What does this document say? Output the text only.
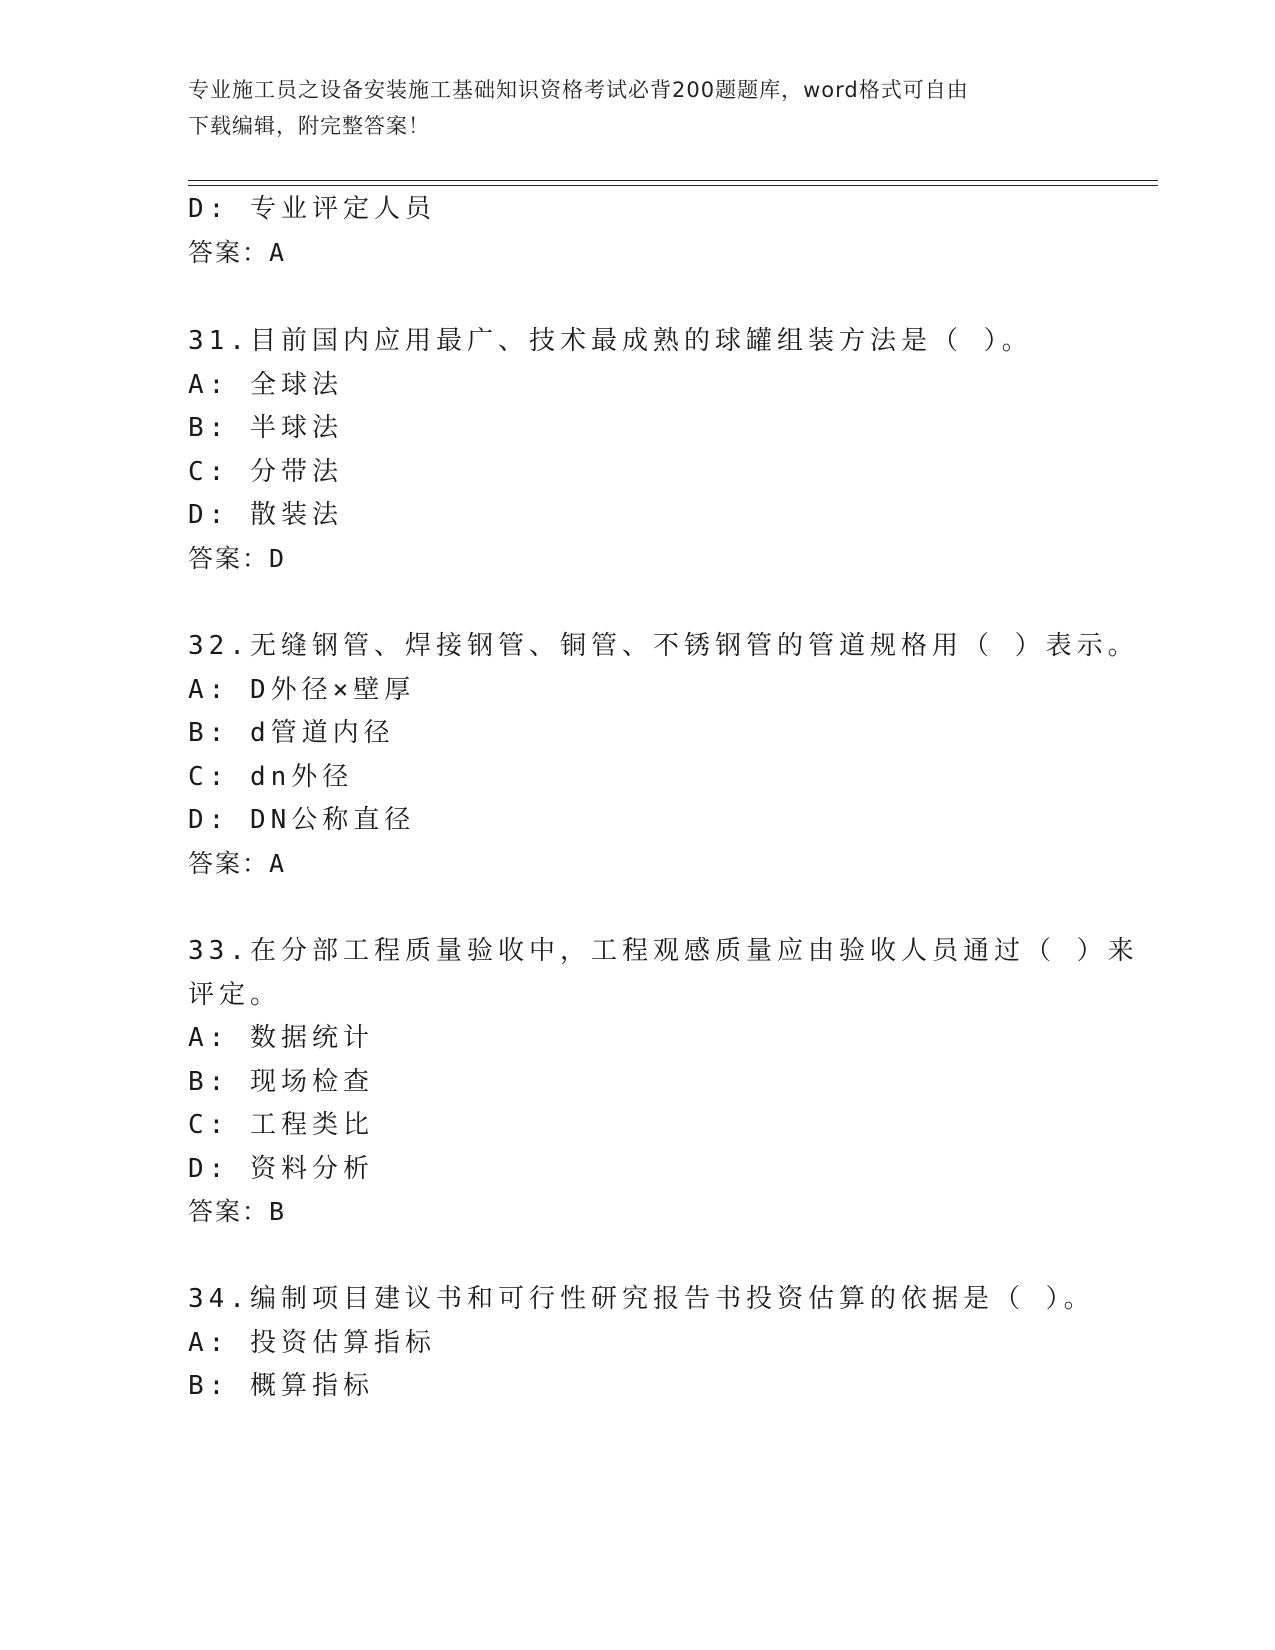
专业施工员之设备安装施工基础知识资格考试必背200题题库，word格式可自由
下载编辑，附完整答案！
D: 专业评定人员
答案：A
31.目前国内应用最广、技术最成熟的球罐组装方法是（ ）。
A: 全球法
B: 半球法
C: 分带法
D: 散装法
答案：D
32.无缝钢管、焊接钢管、铜管、不锈钢管的管道规格用（ ）表示。
A: D外径×壁厚
B: d管道内径
C: dn外径
D: DN公称直径
答案：A
33.在分部工程质量验收中，工程观感质量应由验收人员通过（ ）来
评定。
A: 数据统计
B: 现场检查
C: 工程类比
D: 资料分析
答案：B
34.编制项目建议书和可行性研究报告书投资估算的依据是（ ）。
A: 投资估算指标
B: 概算指标
